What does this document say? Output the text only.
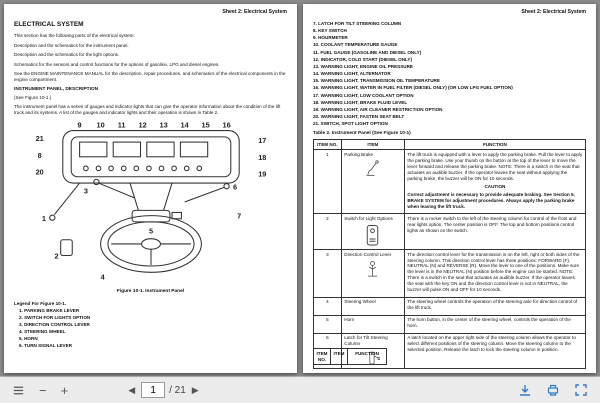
Sheet 2: Electrical System
ELECTRICAL SYSTEM

This section has the following parts of the electrical system:

Description and the schematics for the instrument panel.

Description and the schematics for the light options.

Schematics for the sensors and control functions for the options of gasoline, LPG and diesel engines.

See the ENGINE MAINTENANCE MANUAL for the description, repair procedures, and schematics of the electrical components in the engine compartment.

INSTRUMENT PANEL, DESCRIPTION
(See Figure 10-1.)

The instrument panel has a series of gauges and indicator lights that can give the operator information about the condition of the lift truck and its systems. A list of the gauges and indicator lights and their operation is shown in Table 2.

21
8
20
9 10 11 12 13 14 15 16
17
18
19
1
2
3
7
6
5
4
Figure 10-1. Instrument Panel
Legend For Figure 10-1.
1. PARKING BRAKE LEVER
2. SWITCH FOR LIGHTS OPTION
3. DIRECTION CONTROL LEVER
4. STEERING WHEEL
5. HORN
6. TURN SIGNAL LEVER
Sheet 2: Electrical System
7. LATCH FOR TILT STEERING COLUMN
8. KEY SWITCH
9. HOURMETER
10. COOLANT TEMPERATURE GAUGE
11. FUEL GAUGE (GASOLINE AND DIESEL ONLY)
12. INDICATOR, COLD START (DIESEL ONLY)
13. WARNING LIGHT, ENGINE OIL PRESSURE
14. WARNING LIGHT, ALTERNATOR
15. WARNING LIGHT, TRANSMISSION OIL TEMPERATURE
16. WARNING LIGHT, WATER IN FUEL FILTER (DIESEL ONLY) (OR LOW LPG FUEL OPTION)
17. WARNING LIGHT, LOW COOLANT OPTION
18. WARNING LIGHT, BRAKE FLUID LEVEL
19. WARNING LIGHT, AIR CLEANER RESTRICTION OPTION
20. WARNING LIGHT, FASTEN SEAT BELT
21. SWITCH, SPOT LIGHT OPTION
Table 2. Instrument Panel (See Figure 10-1)
ITEM NO.	ITEM	FUNCTION
1	Parking Brake	The lift truck is equipped with a lever to apply the parking brake. Pull the lever to apply the parking brake. Use your thumb on the button at the top of the lever to move the lever forward and release the parking brake. NOTE: There is a switch in the seat that actuates an audible buzzer. If the operator leaves the seat without applying the parking brake, the buzzer will be ON for 10 seconds.
CAUTION
Correct adjustment is necessary to provide adequate braking. See Section 5, BRAKE SYSTEM for adjustment procedures. Always apply the parking brake when leaving the lift truck.

2	Switch for Light Options	There is a rocker switch to the left of the steering column for control of the front and rear lights option. The center position is OFF. The top and bottom positions control lights as shown on the switch.

3	Direction Control Lever	The direction control lever for the transmission is on the left, right or both sides of the steering column. This direction control lever has three positions: FORWARD (F), NEUTRAL (N) and REVERSE (R). Move the lever to one of the positions. Make sure the lever is in the NEUTRAL (N) position before the engine can be started. NOTE: There is a switch in the seat that actuates an audible buzzer. If the operator leaves the seat with the key ON and the direction control lever is not in NEUTRAL, the buzzer will pulse ON and OFF for 10 seconds.

4	Steering Wheel	The steering wheel controls the operation of the steering axle for direction control of the lift truck.

5	Horn	The horn button, in the center of the steering wheel, controls the operation of the horn.

6	Latch for Tilt Steering Column	A latch located on the upper right side of the steering column allows the operator to select different positions of the steering column. Move the steering column to the selected position. Release the latch to lock the steering column in position.
ITEM NO.	ITEM	FUNCTION
−	+	◀
1	/ 21 ▶
